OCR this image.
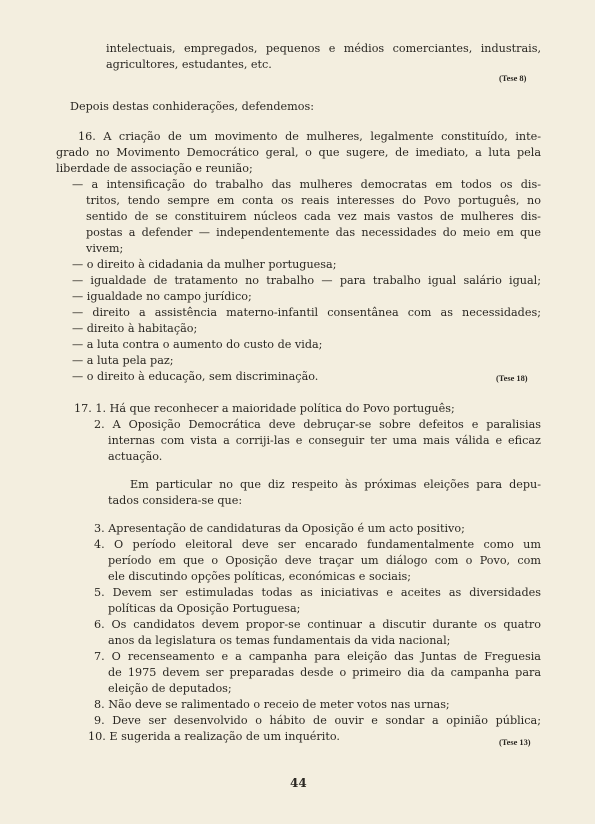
intelectuais, empregados, pequenos e médios comerciantes, industrais,
agricultores, estudantes, etc.
(Tese 8)
Depois destas conhiderações, defendemos:
16. A criação de um movimento de mulheres, legalmente constituído, inte-
grado no Movimento Democrático geral, o que sugere, de imediato, a luta pela
liberdade de associação e reunião;
— a intensificação do trabalho das mulheres democratas em todos os dis-
tritos, tendo sempre em conta os reais interesses do Povo português, no
sentido de se constituirem núcleos cada vez mais vastos de mulheres dis-
postas a defender — independentemente das necessidades do meio em que
vivem;
— o direito à cidadania da mulher portuguesa;
— igualdade de tratamento no trabalho — para trabalho igual salário igual;
— igualdade no campo jurídico;
— direito a assistência materno-infantil consentânea com as necessidades;
— direito à habitação;
— a luta contra o aumento do custo de vida;
— a luta pela paz;
— o direito à educação, sem discriminação.	(Tese 18)
17. 1. Há que reconhecer a maioridade política do Povo português;
2. A Oposição Democrática deve debruçar-se sobre defeitos e paralisias
internas com vista a corriji-las e conseguir ter uma mais válida e eficaz
actuação.
Em particular no que diz respeito às próximas eleições para depu-
tados considera-se que:
3. Apresentação de candidaturas da Oposição é um acto positivo;
4. O período eleitoral deve ser encarado fundamentalmente como um
período em que o Oposição deve traçar um diálogo com o Povo, com
ele discutindo opções políticas, económicas e sociais;
5. Devem ser estimuladas todas as iniciativas e aceites as diversidades
políticas da Oposição Portuguesa;
6. Os candidatos devem propor-se continuar a discutir durante os quatro
anos da legislatura os temas fundamentais da vida nacional;
7. O recenseamento e a campanha para eleição das Juntas de Freguesia
de 1975 devem ser preparadas desde o primeiro dia da campanha para
eleição de deputados;
8. Não deve se ralimentado o receio de meter votos nas urnas;
9. Deve ser desenvolvido o hábito de ouvir e sondar a opinião pública;
10. E sugerida a realização de um inquérito.	(Tese 13)
44
